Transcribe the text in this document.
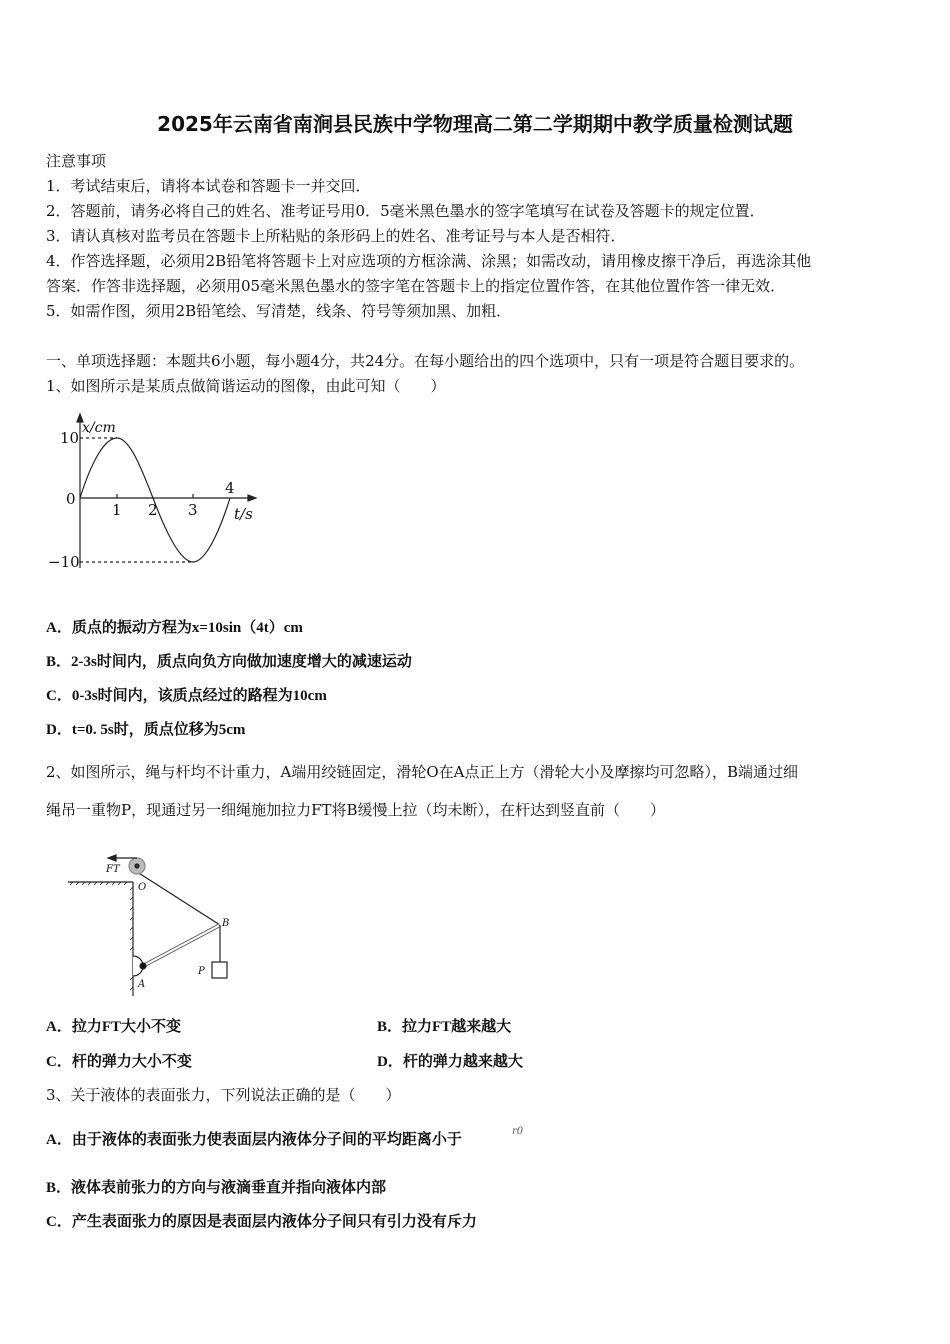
2025年云南省南涧县民族中学物理高二第二学期期中教学质量检测试题
注意事项
1．考试结束后，请将本试卷和答题卡一并交回．
2．答题前，请务必将自己的姓名、准考证号用0．5毫米黑色墨水的签字笔填写在试卷及答题卡的规定位置．
3．请认真核对监考员在答题卡上所粘贴的条形码上的姓名、准考证号与本人是否相符．
4．作答选择题，必须用2B铅笔将答题卡上对应选项的方框涂满、涂黑；如需改动，请用橡皮擦干净后，再选涂其他
答案．作答非选择题，必须用05毫米黑色墨水的签字笔在答题卡上的指定位置作答，在其他位置作答一律无效．
5．如需作图，须用2B铅笔绘、写清楚，线条、符号等须加黑、加粗．
一、单项选择题：本题共6小题，每小题4分，共24分。在每小题给出的四个选项中，只有一项是符合题目要求的。
1、如图所示是某质点做简谐运动的图像，由此可知（　　）
x/cm
10
0
−10
1 2 3
4
t/s
A．质点的振动方程为x=10sin（4t）cm
B．2-3s时间内，质点向负方向做加速度增大的减速运动
C．0-3s时间内，该质点经过的路程为10cm
D．t=0. 5s时，质点位移为5cm
2、如图所示，绳与杆均不计重力，A端用绞链固定，滑轮O在A点正上方（滑轮大小及摩擦均可忽略），B端通过细
绳吊一重物P，现通过另一细绳施加拉力FT将B缓慢上拉（均未断），在杆达到竖直前（　　）
FT
O
B
A
P
A．拉力FT大小不变	B．拉力FT越来越大
C．杆的弹力大小不变	D．杆的弹力越来越大
3、关于液体的表面张力，下列说法正确的是（　　）
A．由于液体的表面张力使表面层内液体分子间的平均距离小于
r0
B．液体表前张力的方向与液滴垂直并指向液体内部
C．产生表面张力的原因是表面层内液体分子间只有引力没有斥力
